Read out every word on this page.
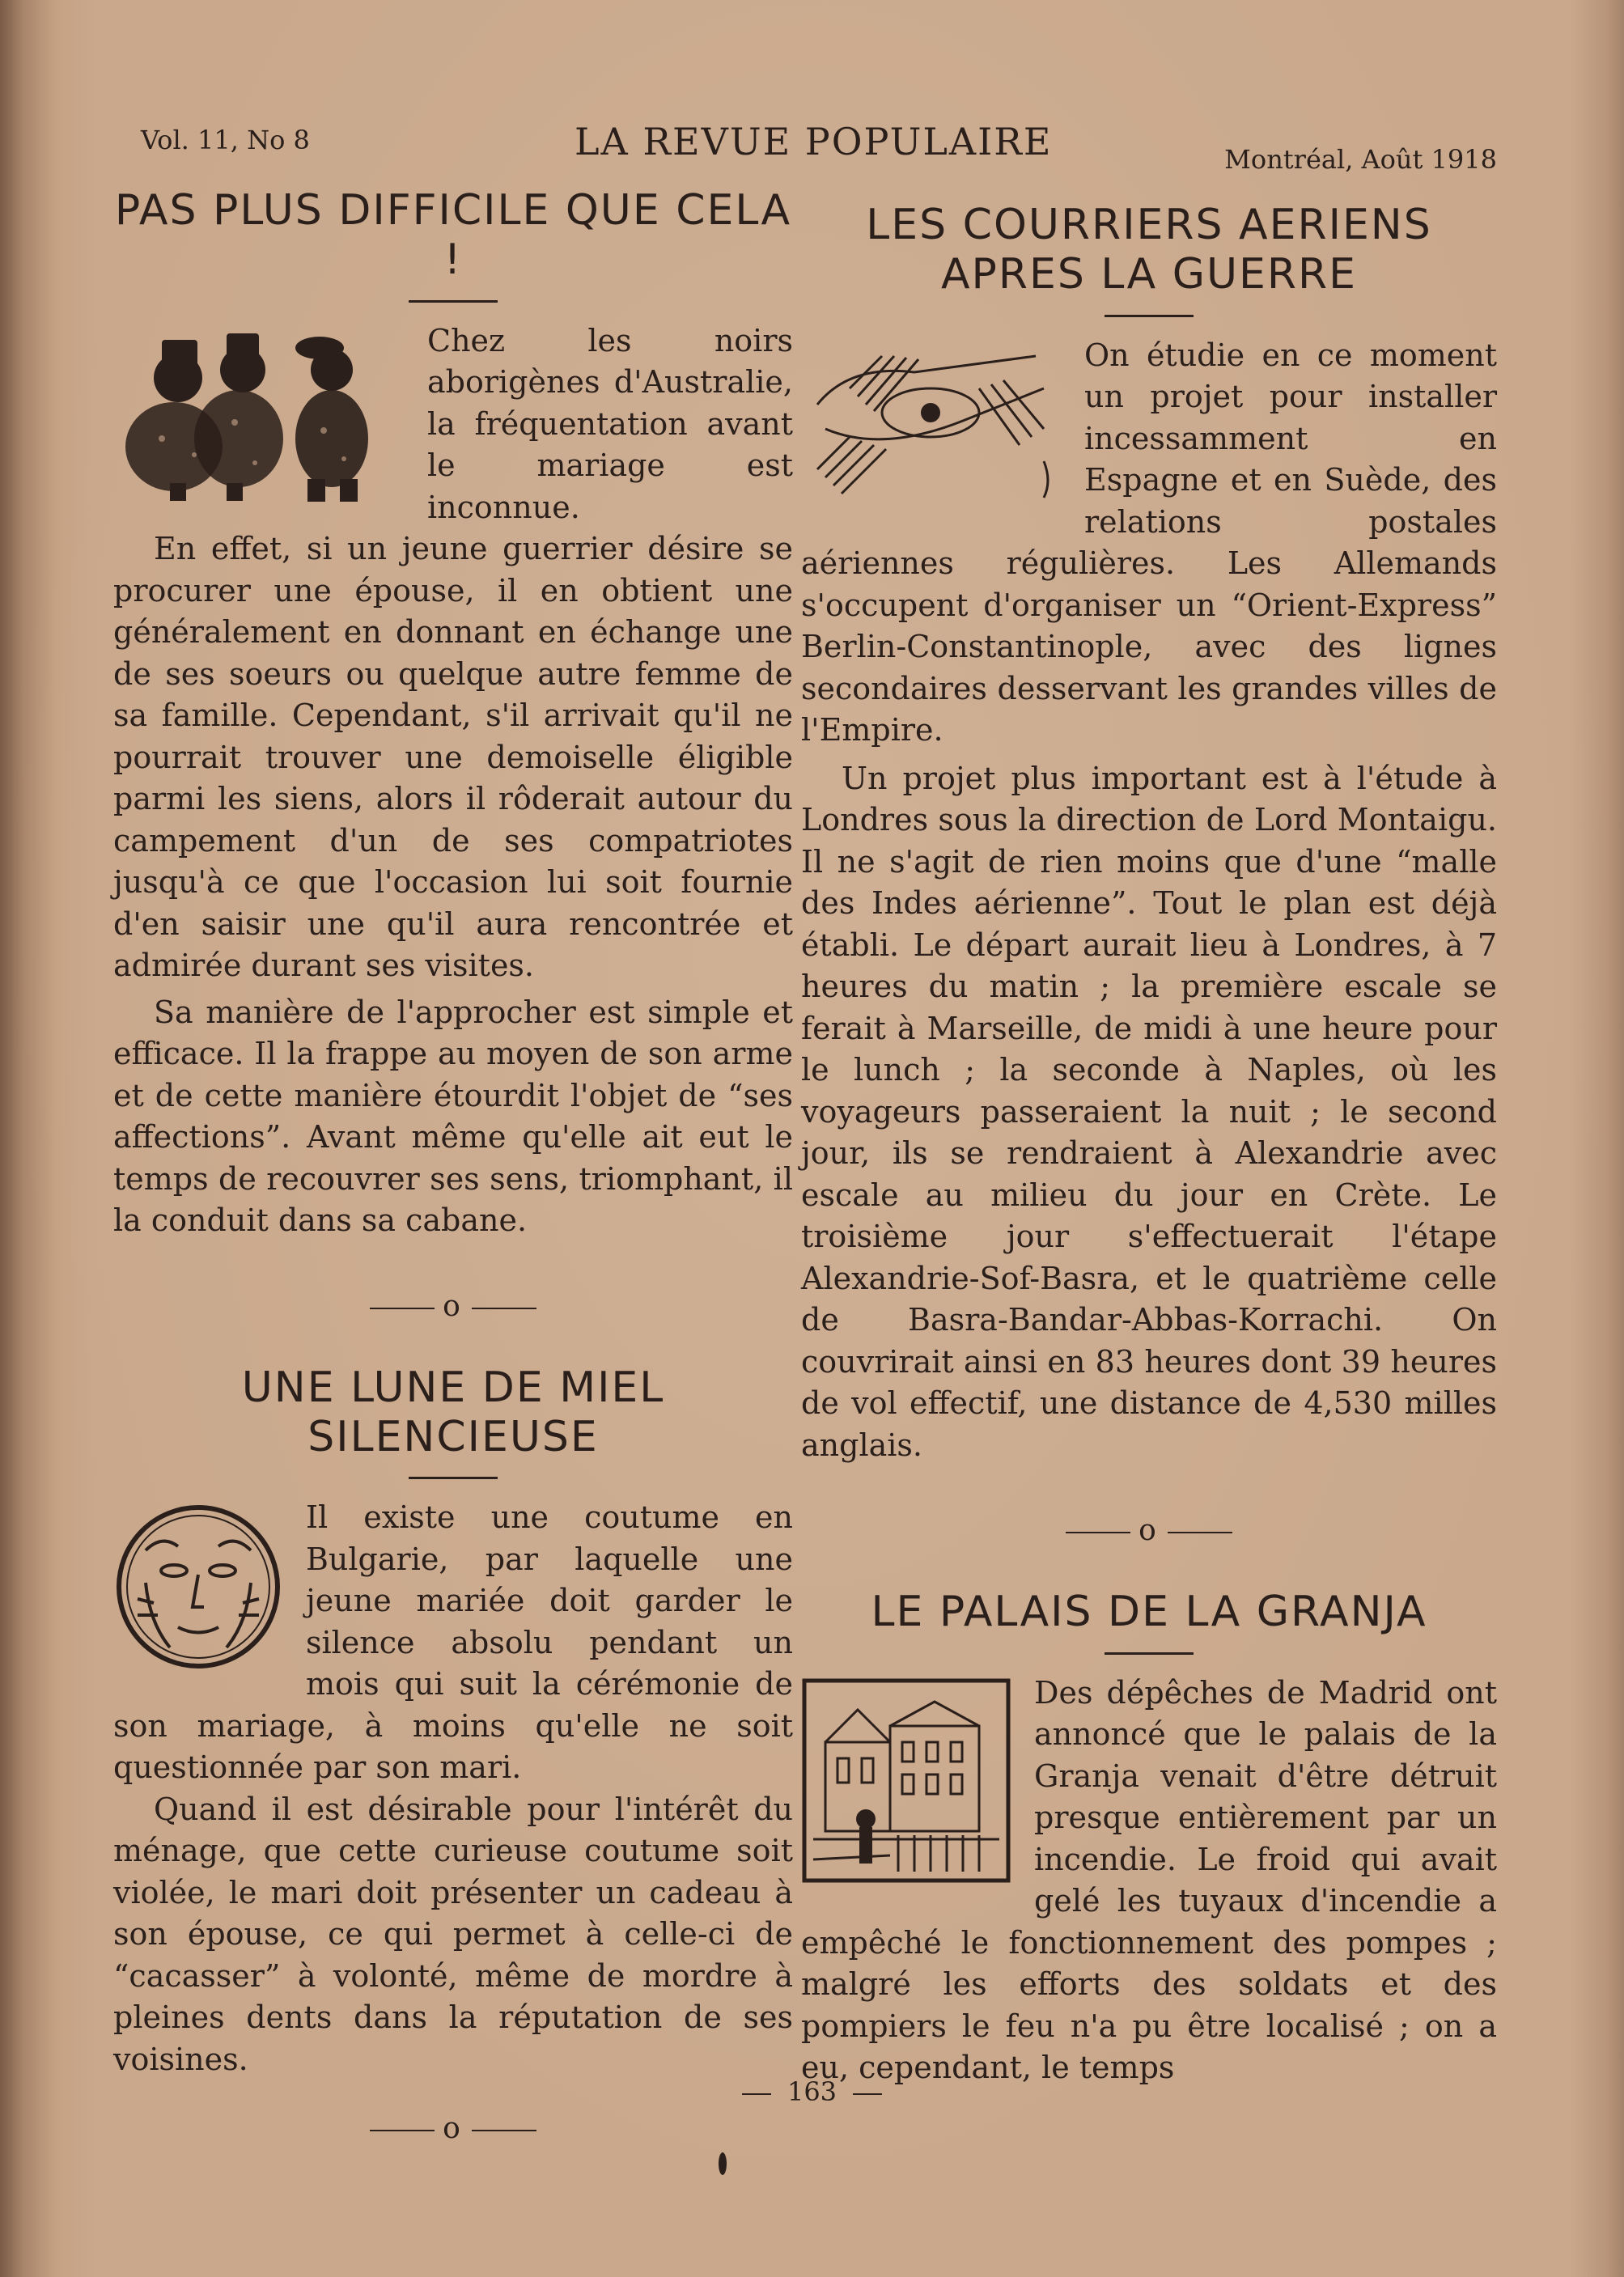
Vol. 11, No 8	LA REVUE POPULAIRE	Montréal, Août 1918
PAS PLUS DIFFICILE QUE CELA !

Chez les noirs aborigènes d'Australie, la fréquentation avant le mariage est inconnue.

En effet, si un jeune guerrier désire se procurer une épouse, il en obtient une généralement en donnant en échange une de ses soeurs ou quelque autre femme de sa famille. Cependant, s'il arrivait qu'il ne pourrait trouver une demoiselle éligible parmi les siens, alors il rôderait autour du campement d'un de ses compatriotes jusqu'à ce que l'occasion lui soit fournie d'en saisir une qu'il aura rencontrée et admirée durant ses visites.

Sa manière de l'approcher est simple et efficace. Il la frappe au moyen de son arme et de cette manière étourdit l'objet de “ses affections”. Avant même qu'elle ait eut le temps de recouvrer ses sens, triomphant, il la conduit dans sa cabane.

o
UNE LUNE DE MIEL SILENCIEUSE

Il existe une coutume en Bulgarie, par laquelle une jeune mariée doit garder le silence absolu pendant un mois qui suit la cérémonie de son mariage, à moins qu'elle ne soit questionnée par son mari.

Quand il est désirable pour l'intérêt du ménage, que cette curieuse coutume soit violée, le mari doit présenter un cadeau à son épouse, ce qui permet à celle-ci de “cacasser” à volonté, même de mordre à pleines dents dans la réputation de ses voisines.

o
LES COURRIERS AERIENS APRES LA GUERRE

On étudie en ce moment un projet pour installer incessamment en Espagne et en Suède, des relations postales aériennes régulières. Les Allemands s'occupent d'organiser un “Orient-Express” Berlin-Constantinople, avec des lignes secondaires desservant les grandes villes de l'Empire.

Un projet plus important est à l'étude à Londres sous la direction de Lord Montaigu. Il ne s'agit de rien moins que d'une “malle des Indes aérienne”. Tout le plan est déjà établi. Le départ aurait lieu à Londres, à 7 heures du matin ; la première escale se ferait à Marseille, de midi à une heure pour le lunch ; la seconde à Naples, où les voyageurs passeraient la nuit ; le second jour, ils se rendraient à Alexandrie avec escale au milieu du jour en Crète. Le troisième jour s'effectuerait l'étape Alexandrie-Sof-Basra, et le quatrième celle de Basra-Bandar-Abbas-Korrachi. On couvrirait ainsi en 83 heures dont 39 heures de vol effectif, une distance de 4,530 milles anglais.

o
LE PALAIS DE LA GRANJA

Des dépêches de Madrid ont annoncé que le palais de la Granja venait d'être détruit presque entièrement par un incendie. Le froid qui avait gelé les tuyaux d'incendie a empêché le fonctionnement des pompes ; malgré les efforts des soldats et des pompiers le feu n'a pu être localisé ; on a eu, cependant, le temps

163
